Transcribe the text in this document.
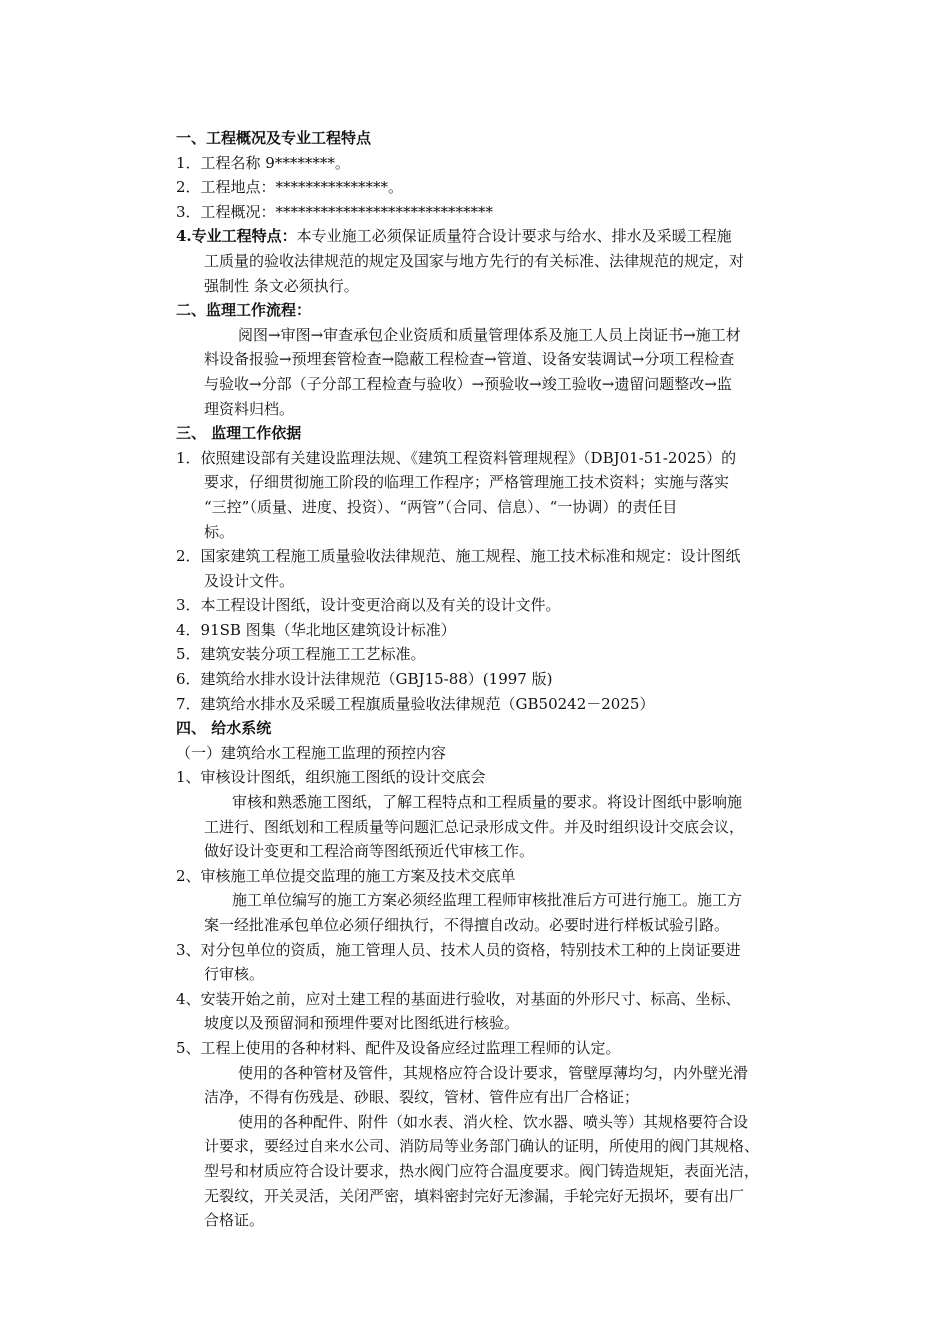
一、工程概况及专业工程特点
1．工程名称 9********。
2．工程地点：***************。
3．工程概况：*****************************
4.专业工程特点：本专业施工必须保证质量符合设计要求与给水、排水及采暖工程施
工质量的验收法律规范的规定及国家与地方先行的有关标准、法律规范的规定，对
强制性 条文必须执行。
二、监理工作流程：
阅图→审图→审查承包企业资质和质量管理体系及施工人员上岗证书→施工材
料设备报验→预埋套管检查→隐蔽工程检查→管道、设备安装调试→分项工程检查
与验收→分部（子分部工程检查与验收）→预验收→竣工验收→遗留问题整改→监
理资料归档。
三、 监理工作依据
1．依照建设部有关建设监理法规、《建筑工程资料管理规程》（DBJ01-51-2025）的
要求，仔细贯彻施工阶段的临理工作程序；严格管理施工技术资料；实施与落实
“三控”（质量、进度、投资）、“两管”（合同、信息）、“一协调）的责任目
标。
2．国家建筑工程施工质量验收法律规范、施工规程、施工技术标准和规定：设计图纸
及设计文件。
3．本工程设计图纸，设计变更洽商以及有关的设计文件。
4．91SB 图集（华北地区建筑设计标准）
5．建筑安装分项工程施工工艺标准。
6．建筑给水排水设计法律规范（GBJ15-88）(1997 版)
7．建筑给水排水及采暖工程旗质量验收法律规范（GB50242－2025）
四、 给水系统
（一）建筑给水工程施工监理的预控内容
1、审核设计图纸，组织施工图纸的设计交底会
审核和熟悉施工图纸，了解工程特点和工程质量的要求。将设计图纸中影响施
工进行、图纸划和工程质量等问题汇总记录形成文件。并及时组织设计交底会议，
做好设计变更和工程洽商等图纸预近代审核工作。
2、审核施工单位提交监理的施工方案及技术交底单
施工单位编写的施工方案必须经监理工程师审核批准后方可进行施工。施工方
案一经批准承包单位必须仔细执行，不得擅自改动。必要时进行样板试验引路。
3、对分包单位的资质，施工管理人员、技术人员的资格，特别技术工种的上岗证要进
行审核。
4、安装开始之前，应对土建工程的基面进行验收，对基面的外形尺寸、标高、坐标、
坡度以及预留洞和预埋件要对比图纸进行核验。
5、工程上使用的各种材料、配件及设备应经过监理工程师的认定。
使用的各种管材及管件，其规格应符合设计要求，管壁厚薄均匀，内外壁光滑
洁净，不得有伤残是、砂眼、裂纹，管材、管件应有出厂合格证；
使用的各种配件、附件（如水表、消火栓、饮水器、喷头等）其规格要符合设
计要求，要经过自来水公司、消防局等业务部门确认的证明，所使用的阀门其规格、
型号和材质应符合设计要求，热水阀门应符合温度要求。阀门铸造规矩，表面光洁，
无裂纹，开关灵活，关闭严密，填料密封完好无渗漏，手轮完好无损坏，要有出厂
合格证。
